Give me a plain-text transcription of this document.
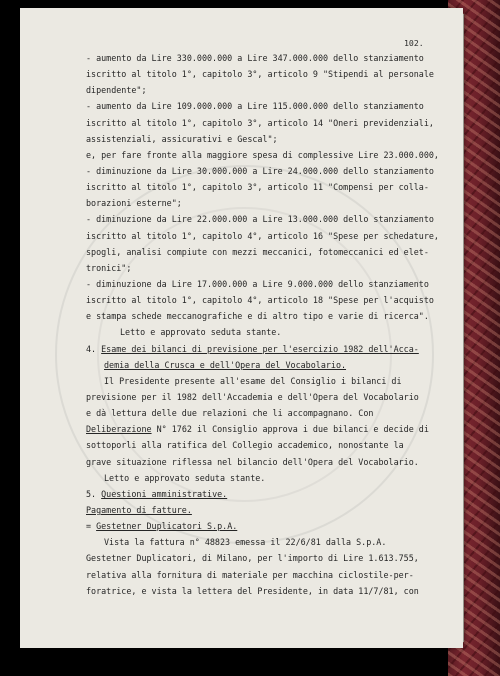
102.
- aumento da Lire 330.000.000 a Lire 347.000.000 dello stanziamento
iscritto al titolo 1°, capitolo 3°, articolo 9 "Stipendi al personale
dipendente";
- aumento da Lire 109.000.000 a Lire 115.000.000 dello stanziamento
iscritto al titolo 1°, capitolo 3°, articolo 14 "Oneri previdenziali,
assistenziali, assicurativi e Gescal";
e, per fare fronte alla maggiore spesa di complessive Lire 23.000.000,
- diminuzione da Lire 30.000.000 a Lire 24.000.000 dello stanziamento
iscritto al titolo 1°, capitolo 3°, articolo 11 "Compensi per colla-
borazioni esterne";
- diminuzione da Lire 22.000.000 a Lire 13.000.000 dello stanziamento
iscritto al titolo 1°, capitolo 4°, articolo 16 "Spese per schedature,
spogli, analisi compiute con mezzi meccanici, fotomeccanici ed elet-
tronici";
- diminuzione da Lire 17.000.000 a Lire 9.000.000 dello stanziamento
iscritto al titolo 1°, capitolo 4°, articolo 18 "Spese per l'acquisto
e stampa schede meccanografiche e di altro tipo e varie di ricerca".
Letto e approvato seduta stante.
4. Esame dei bilanci di previsione per l'esercizio 1982 dell'Acca-
demia della Crusca e dell'Opera del Vocabolario.
Il Presidente presente all'esame del Consiglio i bilanci di
previsione per il 1982 dell'Accademia e dell'Opera del Vocabolario
e dà lettura delle due relazioni che li accompagnano. Con
Deliberazione N° 1762 il Consiglio approva i due bilanci e decide di
sottoporli alla ratifica del Collegio accademico, nonostante la
grave situazione riflessa nel bilancio dell'Opera del Vocabolario.
Letto e approvato seduta stante.
5. Questioni amministrative.
Pagamento di fatture.
= Gestetner Duplicatori S.p.A.
Vista la fattura n° 48823 emessa il 22/6/81 dalla S.p.A.
Gestetner Duplicatori, di Milano, per l'importo di Lire 1.613.755,
relativa alla fornitura di materiale per macchina ciclostile-per-
foratrice, e vista la lettera del Presidente, in data 11/7/81, con
